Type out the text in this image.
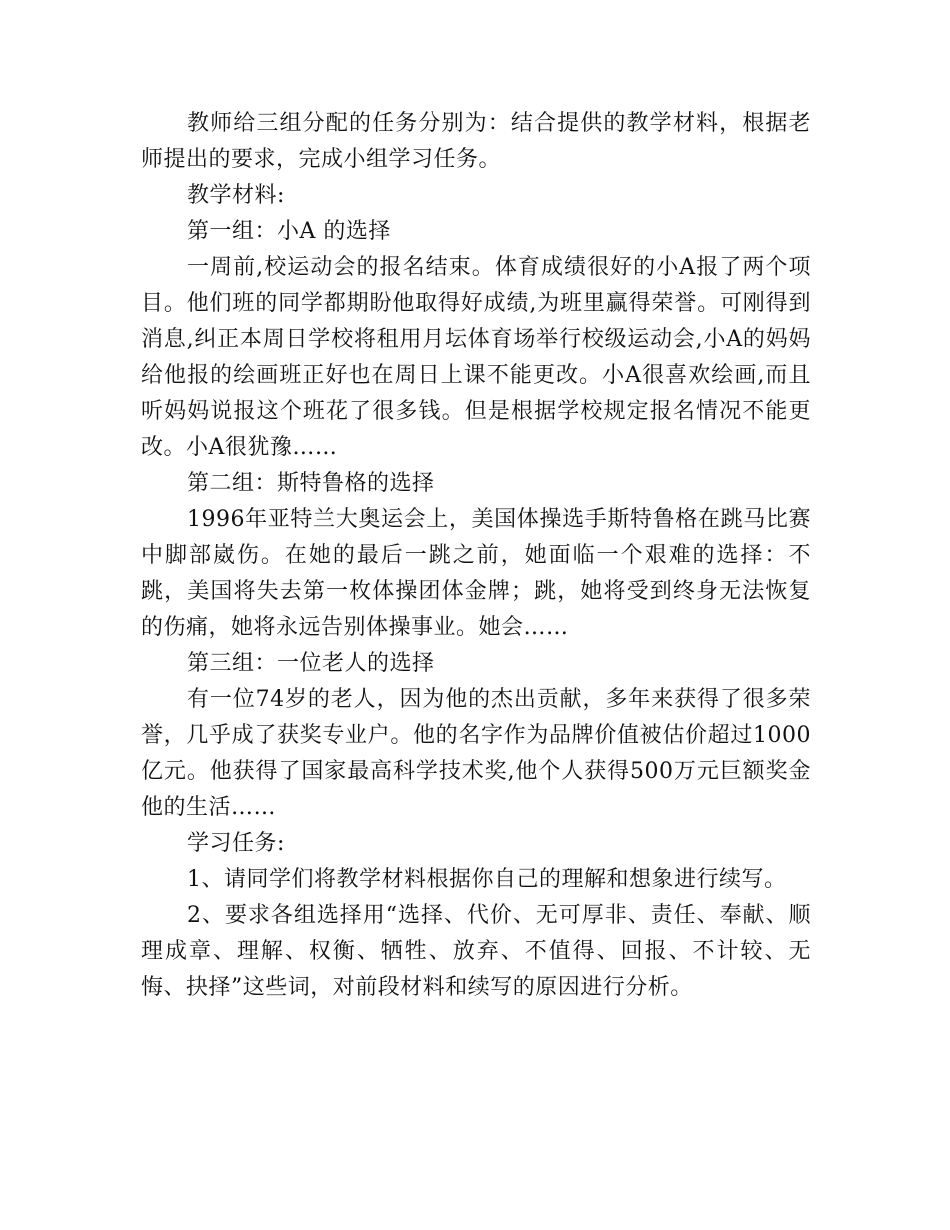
教师给三组分配的任务分别为：结合提供的教学材料，根据老师提出的要求，完成小组学习任务。

教学材料:

第一组：小A 的选择

一周前,校运动会的报名结束。体育成绩很好的小A报了两个项目。他们班的同学都期盼他取得好成绩,为班里赢得荣誉。可刚得到消息,纠正本周日学校将租用月坛体育场举行校级运动会,小A的妈妈给他报的绘画班正好也在周日上课不能更改。小A很喜欢绘画,而且听妈妈说报这个班花了很多钱。但是根据学校规定报名情况不能更改。小A很犹豫……

第二组：斯特鲁格的选择

1996年亚特兰大奥运会上，美国体操选手斯特鲁格在跳马比赛中脚部崴伤。在她的最后一跳之前，她面临一个艰难的选择：不跳，美国将失去第一枚体操团体金牌；跳，她将受到终身无法恢复的伤痛，她将永远告别体操事业。她会……

第三组：一位老人的选择

有一位74岁的老人，因为他的杰出贡献，多年来获得了很多荣誉，几乎成了获奖专业户。他的名字作为品牌价值被估价超过1000亿元。他获得了国家最高科学技术奖,他个人获得500万元巨额奖金他的生活……

学习任务:

1、请同学们将教学材料根据你自己的理解和想象进行续写。

2、要求各组选择用“选择、代价、无可厚非、责任、奉献、顺理成章、理解、权衡、牺牲、放弃、不值得、回报、不计较、无悔、抉择”这些词，对前段材料和续写的原因进行分析。
